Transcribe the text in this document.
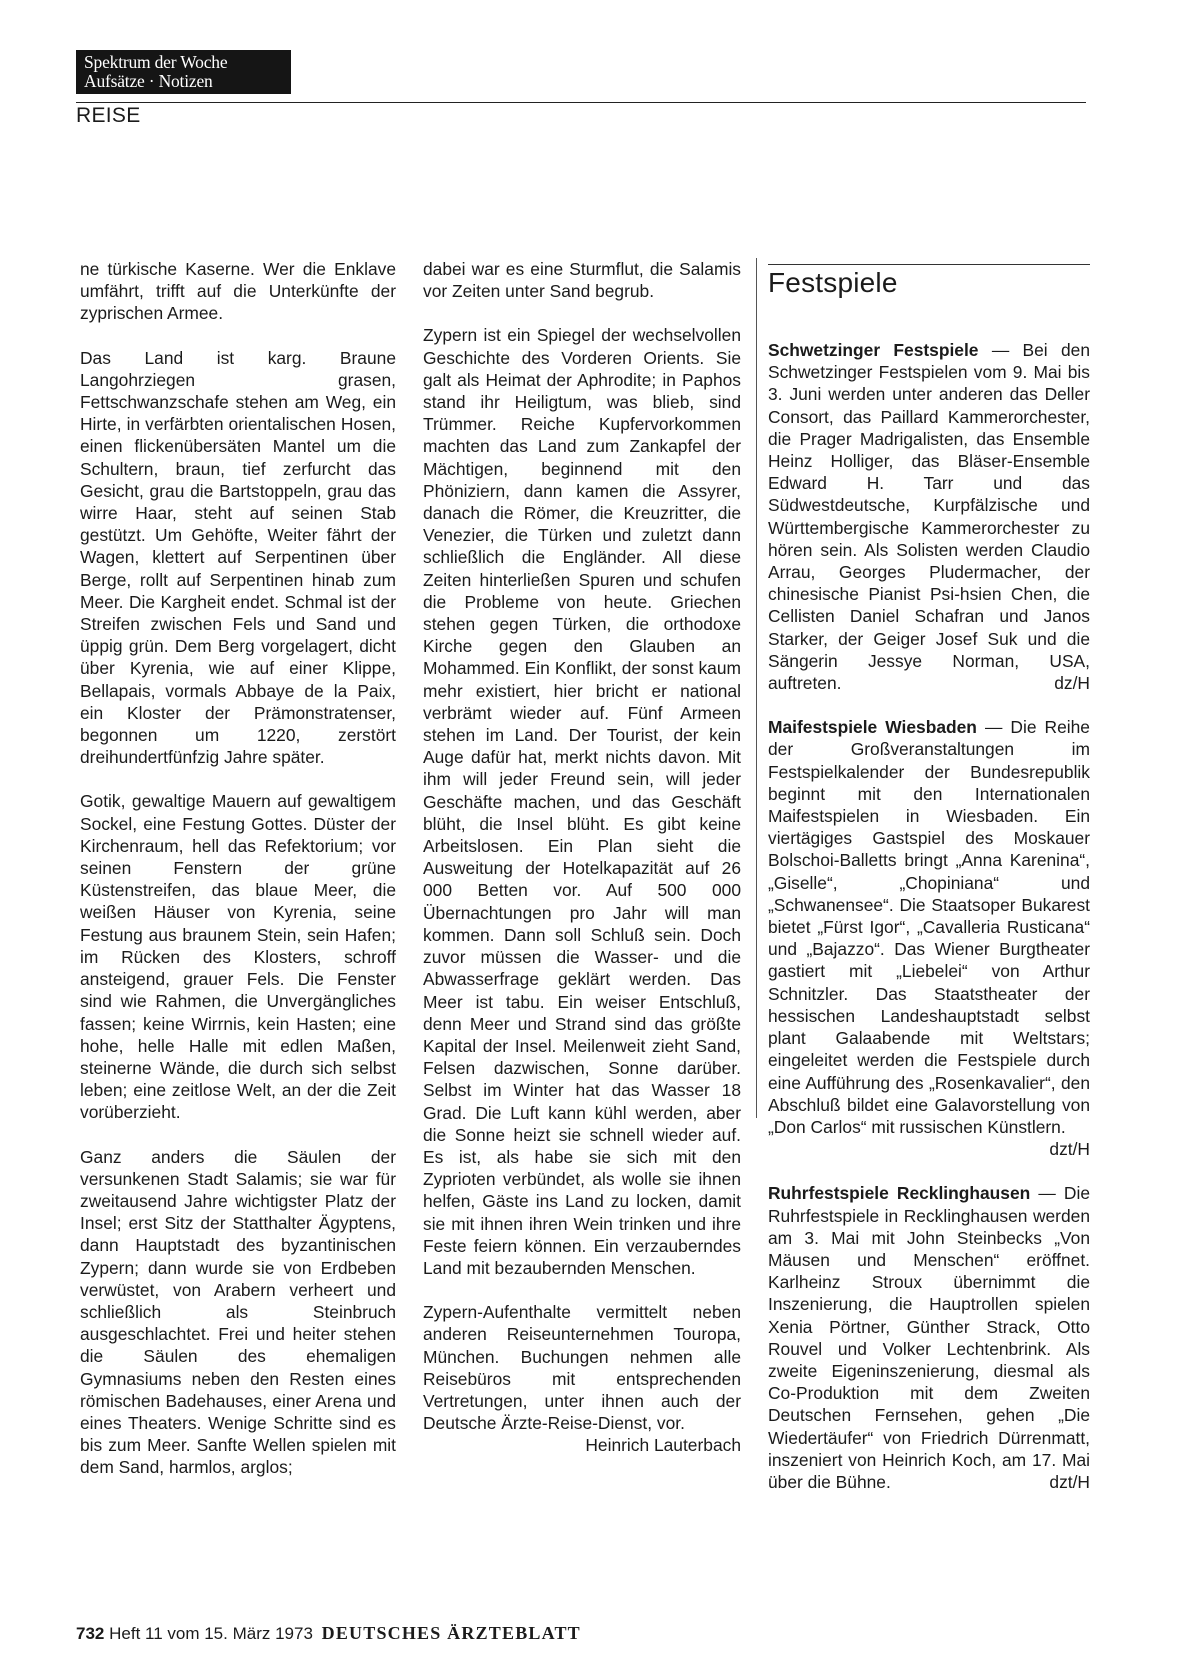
Spektrum der Woche
Aufsätze · Notizen
REISE

ne türkische Kaserne. Wer die Enklave umfährt, trifft auf die Unterkünfte der zyprischen Armee.

Das Land ist karg. Braune Langohrziegen grasen, Fettschwanzschafe stehen am Weg, ein Hirte, in verfärbten orientalischen Hosen, einen flickenübersäten Mantel um die Schultern, braun, tief zerfurcht das Gesicht, grau die Bartstoppeln, grau das wirre Haar, steht auf seinen Stab gestützt. Um Gehöfte, Weiter fährt der Wagen, klettert auf Serpentinen über Berge, rollt auf Serpentinen hinab zum Meer. Die Kargheit endet. Schmal ist der Streifen zwischen Fels und Sand und üppig grün. Dem Berg vorgelagert, dicht über Kyrenia, wie auf einer Klippe, Bellapais, vormals Abbaye de la Paix, ein Kloster der Prämonstratenser, begonnen um 1220, zerstört dreihundertfünfzig Jahre später.

Gotik, gewaltige Mauern auf gewaltigem Sockel, eine Festung Gottes. Düster der Kirchenraum, hell das Refektorium; vor seinen Fenstern der grüne Küstenstreifen, das blaue Meer, die weißen Häuser von Kyrenia, seine Festung aus braunem Stein, sein Hafen; im Rücken des Klosters, schroff ansteigend, grauer Fels. Die Fenster sind wie Rahmen, die Unvergängliches fassen; keine Wirrnis, kein Hasten; eine hohe, helle Halle mit edlen Maßen, steinerne Wände, die durch sich selbst leben; eine zeitlose Welt, an der die Zeit vorüberzieht.

Ganz anders die Säulen der versunkenen Stadt Salamis; sie war für zweitausend Jahre wichtigster Platz der Insel; erst Sitz der Statthalter Ägyptens, dann Hauptstadt des byzantinischen Zypern; dann wurde sie von Erdbeben verwüstet, von Arabern verheert und schließlich als Steinbruch ausgeschlachtet. Frei und heiter stehen die Säulen des ehemaligen Gymnasiums neben den Resten eines römischen Badehauses, einer Arena und eines Theaters. Wenige Schritte sind es bis zum Meer. Sanfte Wellen spielen mit dem Sand, harmlos, arglos;

dabei war es eine Sturmflut, die Salamis vor Zeiten unter Sand begrub.

Zypern ist ein Spiegel der wechselvollen Geschichte des Vorderen Orients. Sie galt als Heimat der Aphrodite; in Paphos stand ihr Heiligtum, was blieb, sind Trümmer. Reiche Kupfervorkommen machten das Land zum Zankapfel der Mächtigen, beginnend mit den Phöniziern, dann kamen die Assyrer, danach die Römer, die Kreuzritter, die Venezier, die Türken und zuletzt dann schließlich die Engländer. All diese Zeiten hinterließen Spuren und schufen die Probleme von heute. Griechen stehen gegen Türken, die orthodoxe Kirche gegen den Glauben an Mohammed. Ein Konflikt, der sonst kaum mehr existiert, hier bricht er national verbrämt wieder auf. Fünf Armeen stehen im Land. Der Tourist, der kein Auge dafür hat, merkt nichts davon. Mit ihm will jeder Freund sein, will jeder Geschäfte machen, und das Geschäft blüht, die Insel blüht. Es gibt keine Arbeitslosen. Ein Plan sieht die Ausweitung der Hotelkapazität auf 26 000 Betten vor. Auf 500 000 Übernachtungen pro Jahr will man kommen. Dann soll Schluß sein. Doch zuvor müssen die Wasser- und die Abwasserfrage geklärt werden. Das Meer ist tabu. Ein weiser Entschluß, denn Meer und Strand sind das größte Kapital der Insel. Meilenweit zieht Sand, Felsen dazwischen, Sonne darüber. Selbst im Winter hat das Wasser 18 Grad. Die Luft kann kühl werden, aber die Sonne heizt sie schnell wieder auf. Es ist, als habe sie sich mit den Zyprioten verbündet, als wolle sie ihnen helfen, Gäste ins Land zu locken, damit sie mit ihnen ihren Wein trinken und ihre Feste feiern können. Ein verzauberndes Land mit bezaubernden Menschen.

Zypern-Aufenthalte vermittelt neben anderen Reiseunternehmen Touropa, München. Buchungen nehmen alle Reisebüros mit entsprechenden Vertretungen, unter ihnen auch der Deutsche Ärzte-Reise-Dienst, vor.
Heinrich Lauterbach

Festspiele

Schwetzinger Festspiele — Bei den Schwetzinger Festspielen vom 9. Mai bis 3. Juni werden unter anderen das Deller Consort, das Paillard Kammerorchester, die Prager Madrigalisten, das Ensemble Heinz Holliger, das Bläser-Ensemble Edward H. Tarr und das Südwestdeutsche, Kurpfälzische und Württembergische Kammerorchester zu hören sein. Als Solisten werden Claudio Arrau, Georges Pludermacher, der chinesische Pianist Psi-hsien Chen, die Cellisten Daniel Schafran und Janos Starker, der Geiger Josef Suk und die Sängerin Jessye Norman, USA, auftreten.	dz/H

Maifestspiele Wiesbaden — Die Reihe der Großveranstaltungen im Festspielkalender der Bundesrepublik beginnt mit den Internationalen Maifestspielen in Wiesbaden. Ein viertägiges Gastspiel des Moskauer Bolschoi-Balletts bringt „Anna Karenina“, „Giselle“, „Chopiniana“ und „Schwanensee“. Die Staatsoper Bukarest bietet „Fürst Igor“, „Cavalleria Rusticana“ und „Bajazzo“. Das Wiener Burgtheater gastiert mit „Liebelei“ von Arthur Schnitzler. Das Staatstheater der hessischen Landeshauptstadt selbst plant Galaabende mit Weltstars; eingeleitet werden die Festspiele durch eine Aufführung des „Rosenkavalier“, den Abschluß bildet eine Galavorstellung von „Don Carlos“ mit russischen Künstlern.
dzt/H

Ruhrfestspiele Recklinghausen — Die Ruhrfestspiele in Recklinghausen werden am 3. Mai mit John Steinbecks „Von Mäusen und Menschen“ eröffnet. Karlheinz Stroux übernimmt die Inszenierung, die Hauptrollen spielen Xenia Pörtner, Günther Strack, Otto Rouvel und Volker Lechtenbrink. Als zweite Eigeninszenierung, diesmal als Co-Produktion mit dem Zweiten Deutschen Fernsehen, gehen „Die Wiedertäufer“ von Friedrich Dürrenmatt, inszeniert von Heinrich Koch, am 17. Mai über die Bühne.	dzt/H

732 Heft 11 vom 15. März 1973 DEUTSCHES ÄRZTEBLATT
